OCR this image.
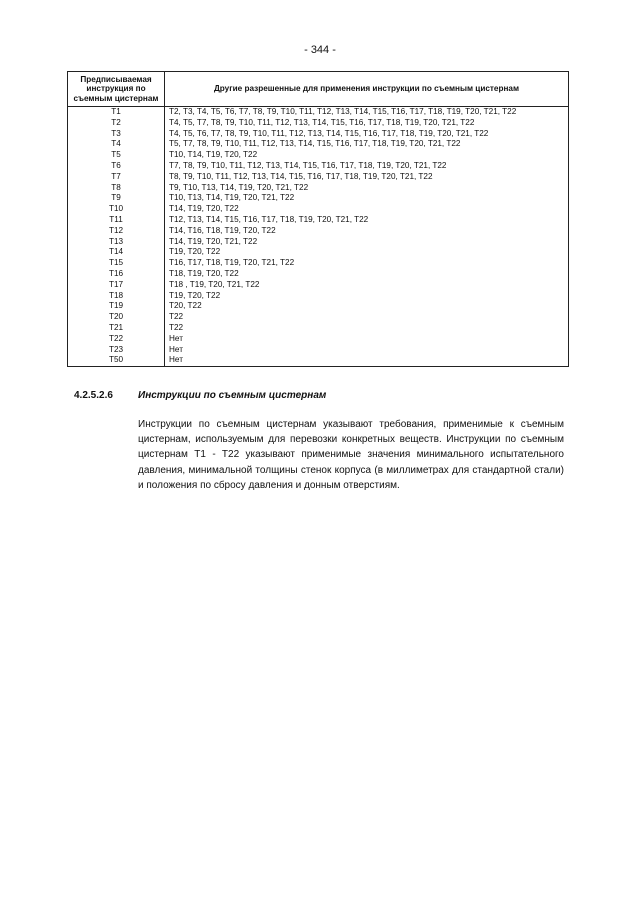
- 344 -
Предписываемая инструкция по съемным цистернам	Другие разрешенные для применения инструкции по съемным цистернам
T1	T2, T3, T4, T5, T6, T7, T8, T9, T10, T11, T12, T13, T14, T15, T16, T17, T18, T19, T20, T21, T22
T2	T4, T5, T7, T8, T9, T10, T11, T12, T13, T14, T15, T16, T17, T18, T19, T20, T21, T22
T3	T4, T5, T6, T7, T8, T9, T10, T11, T12, T13, T14, T15, T16, T17, T18, T19, T20, T21, T22
T4	T5, T7, T8, T9, T10, T11, T12, T13, T14, T15, T16, T17, T18, T19, T20, T21, T22
T5	T10, T14, T19, T20, T22
T6	T7, T8, T9, T10, T11, T12, T13, T14, T15, T16, T17, T18, T19, T20, T21, T22
T7	T8, T9, T10, T11, T12, T13, T14, T15, T16, T17, T18, T19, T20, T21, T22
T8	T9, T10, T13, T14, T19, T20, T21, T22
T9	T10, T13, T14, T19, T20, T21, T22
T10	T14, T19, T20, T22
T11	T12, T13, T14, T15, T16, T17, T18, T19, T20, T21, T22
T12	T14, T16, T18, T19, T20, T22
T13	T14, T19, T20, T21, T22
T14	T19, T20, T22
T15	T16, T17, T18, T19, T20, T21, T22
T16	T18, T19, T20, T22
T17	T18 , T19, T20, T21, T22
T18	T19, T20, T22
T19	T20, T22
T20	T22
T21	T22
T22	Нет
T23	Нет
T50	Нет
4.2.5.2.6	Инструкции по съемным цистернам
Инструкции по съемным цистернам указывают требования, применимые к съемным цистернам, используемым для перевозки конкретных веществ. Инструкции по съемным цистернам T1 - T22 указывают применимые значения минимального испытательного давления, минимальной толщины стенок корпуса (в миллиметрах для стандартной стали) и положения по сбросу давления и донным отверстиям.
